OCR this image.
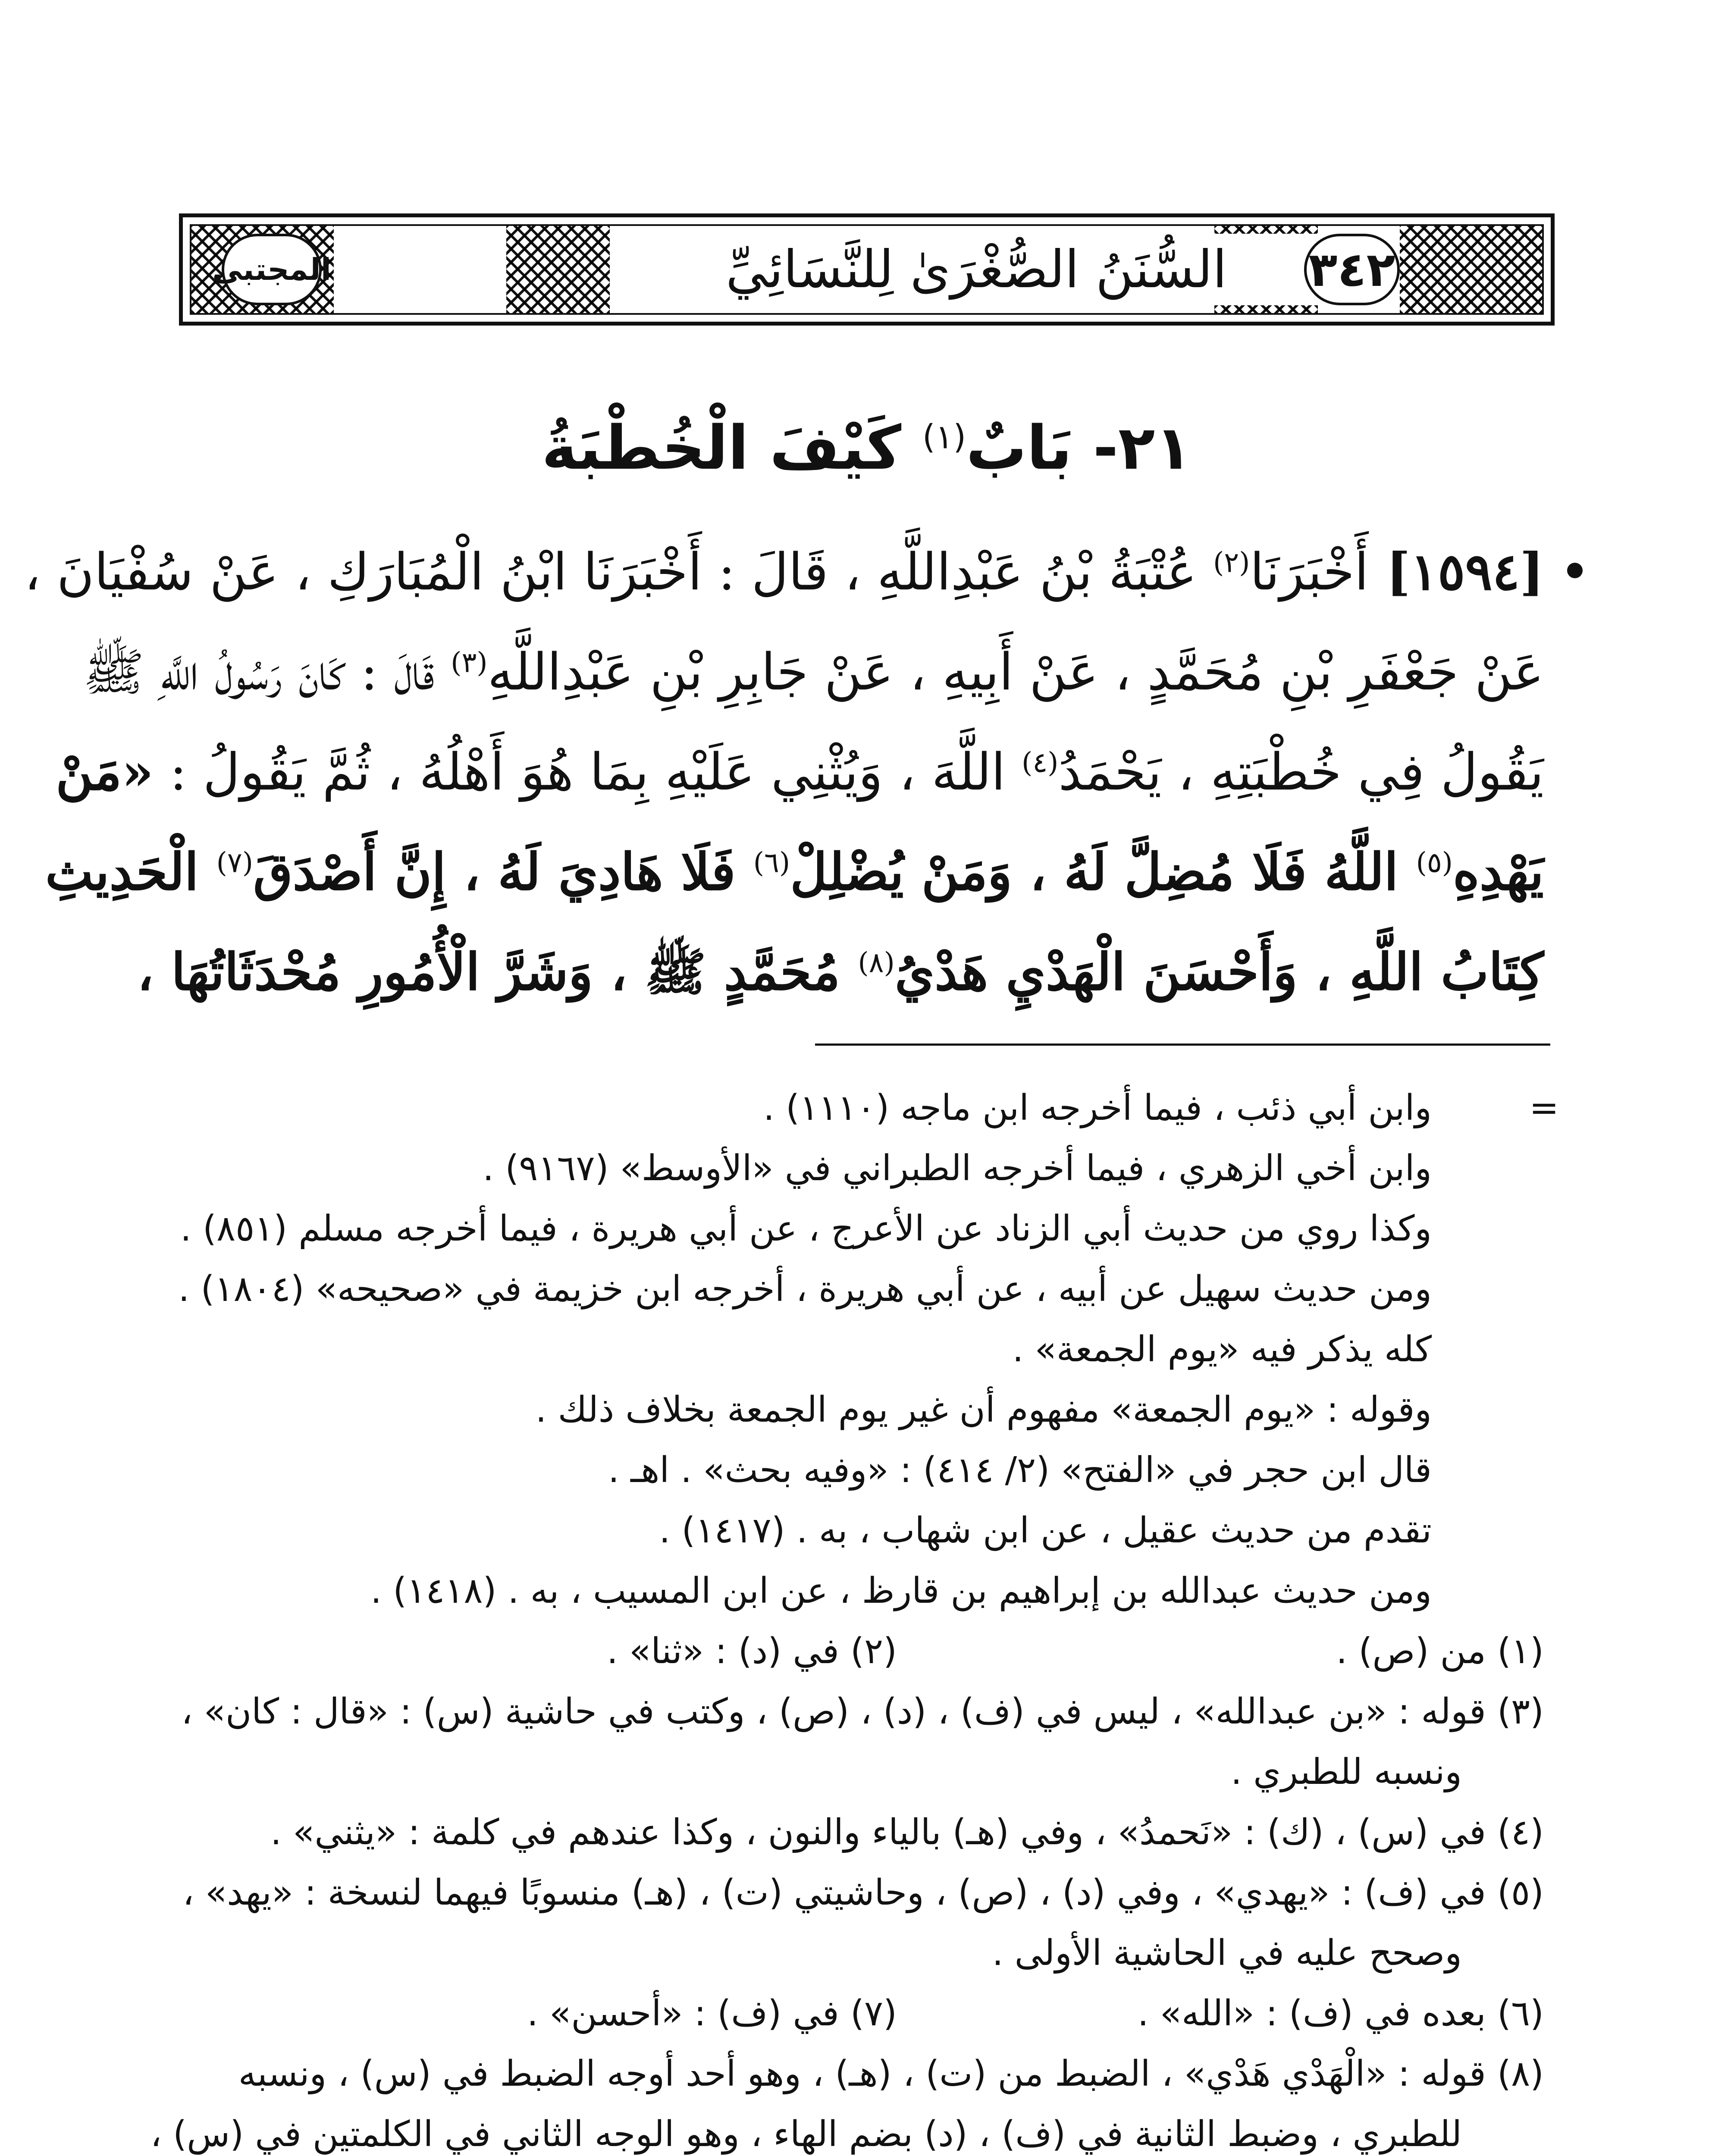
المجتبى	السُّنَنُ الصُّغْرَىٰ لِلنَّسَائِيِّ ٣٤٢
٢١- بَابٌ$^{(١)}$ كَيْفَ الْخُطْبَةُ
[١٥٩٤] أَخْبَرَنَا$^{(٢)}$ عُتْبَةُ بْنُ عَبْدِاللَّهِ ، قَالَ : أَخْبَرَنَا ابْنُ الْمُبَارَكِ ، عَنْ سُفْيَانَ ،
عَنْ جَعْفَرِ بْنِ مُحَمَّدٍ ، عَنْ أَبِيهِ ، عَنْ جَابِرِ بْنِ عَبْدِاللَّهِ$^{(٣)}$ قَالَ : كَانَ رَسُولُ اللَّهِ ﷺ
يَقُولُ فِي خُطْبَتِهِ ، يَحْمَدُ$^{(٤)}$ اللَّهَ ، وَيُثْنِي عَلَيْهِ بِمَا هُوَ أَهْلُهُ ، ثُمَّ يَقُولُ : «مَنْ
يَهْدِهِ$^{(٥)}$ اللَّهُ فَلَا مُضِلَّ لَهُ ، وَمَنْ يُضْلِلْ$^{(٦)}$ فَلَا هَادِيَ لَهُ ، إِنَّ أَصْدَقَ$^{(٧)}$ الْحَدِيثِ
كِتَابُ اللَّهِ ، وَأَحْسَنَ الْهَدْيِ هَدْيُ$^{(٨)}$ مُحَمَّدٍ ﷺ ، وَشَرَّ الْأُمُورِ مُحْدَثَاتُهَا ،
=
وابن أبي ذئب ، فيما أخرجه ابن ماجه (١١١٠) .
وابن أخي الزهري ، فيما أخرجه الطبراني في «الأوسط» (٩١٦٧) .
وكذا روي من حديث أبي الزناد عن الأعرج ، عن أبي هريرة ، فيما أخرجه مسلم (٨٥١) .
ومن حديث سهيل عن أبيه ، عن أبي هريرة ، أخرجه ابن خزيمة في «صحيحه» (١٨٠٤) .
كله يذكر فيه «يوم الجمعة» .
وقوله : «يوم الجمعة» مفهوم أن غير يوم الجمعة بخلاف ذلك .
قال ابن حجر في «الفتح» (٢/ ٤١٤) : «وفيه بحث» . اهـ .
تقدم من حديث عقيل ، عن ابن شهاب ، به . (١٤١٧) .
ومن حديث عبدالله بن إبراهيم بن قارظ ، عن ابن المسيب ، به . (١٤١٨) .
(١) من (ص) .
(٢) في (د) : «ثنا» .
(٣) قوله : «بن عبدالله» ، ليس في (ف) ، (د) ، (ص) ، وكتب في حاشية (س) : «قال : كان» ،
ونسبه للطبري .
(٤) في (س) ، (ك) : «نَحمدُ» ، وفي (هـ) بالياء والنون ، وكذا عندهم في كلمة : «يثني» .
(٥) في (ف) : «يهدي» ، وفي (د) ، (ص) ، وحاشيتي (ت) ، (هـ) منسوبًا فيهما لنسخة : «يهد» ،
وصحح عليه في الحاشية الأولى .
(٦) بعده في (ف) : «الله» .
(٧) في (ف) : «أحسن» .
(٨) قوله : «الْهَدْي هَدْي» ، الضبط من (ت) ، (هـ) ، وهو أحد أوجه الضبط في (س) ، ونسبه
للطبري ، وضبط الثانية في (ف) ، (د) بضم الهاء ، وهو الوجه الثاني في الكلمتين في (س) ،
